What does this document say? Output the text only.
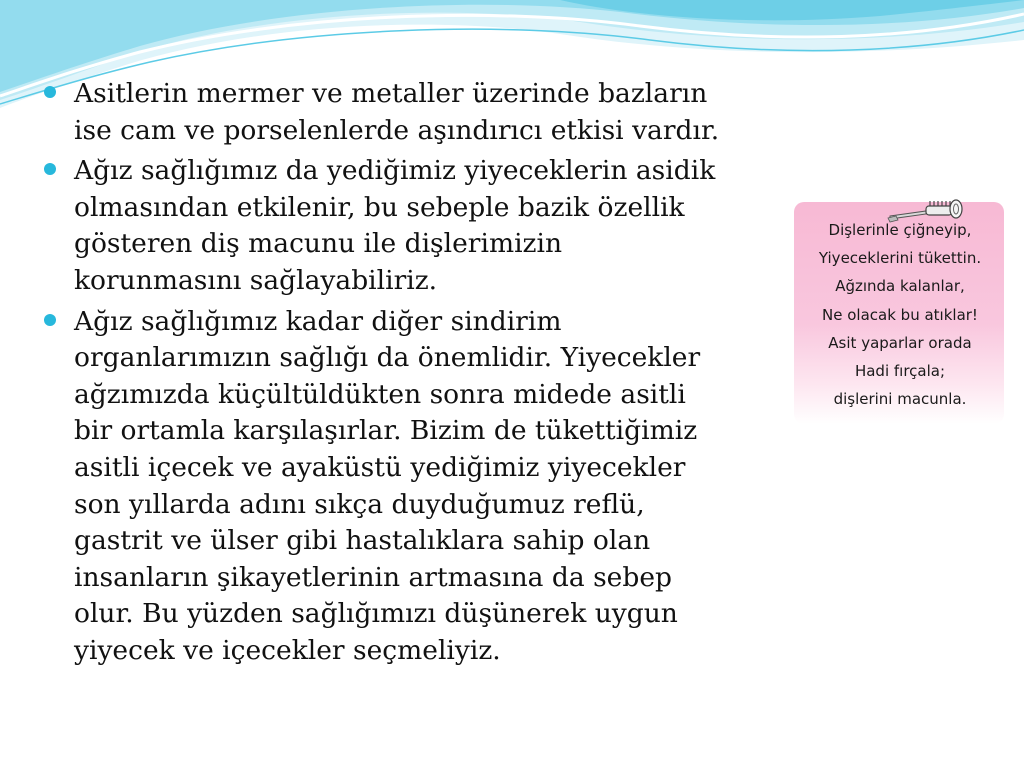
Asitlerin mermer ve metaller üzerinde bazların
ise cam ve porselenlerde aşındırıcı etkisi vardır.
Ağız sağlığımız da yediğimiz yiyeceklerin asidik
olmasından etkilenir, bu sebeple bazik özellik
gösteren diş macunu ile dişlerimizin
korunmasını sağlayabiliriz.
Ağız sağlığımız kadar diğer sindirim
organlarımızın sağlığı da önemlidir. Yiyecekler
ağzımızda küçültüldükten sonra midede asitli
bir ortamla karşılaşırlar. Bizim de tükettiğimiz
asitli içecek ve ayaküstü yediğimiz yiyecekler
son yıllarda adını sıkça duyduğumuz reflü,
gastrit ve ülser gibi hastalıklara sahip olan
insanların şikayetlerinin artmasına da sebep
olur. Bu yüzden sağlığımızı düşünerek uygun
yiyecek ve içecekler seçmeliyiz.
Dişlerinle çiğneyip,
Yiyeceklerini tükettin.
Ağzında kalanlar,
Ne olacak bu atıklar!
Asit yaparlar orada
Hadi fırçala;
dişlerini macunla.
